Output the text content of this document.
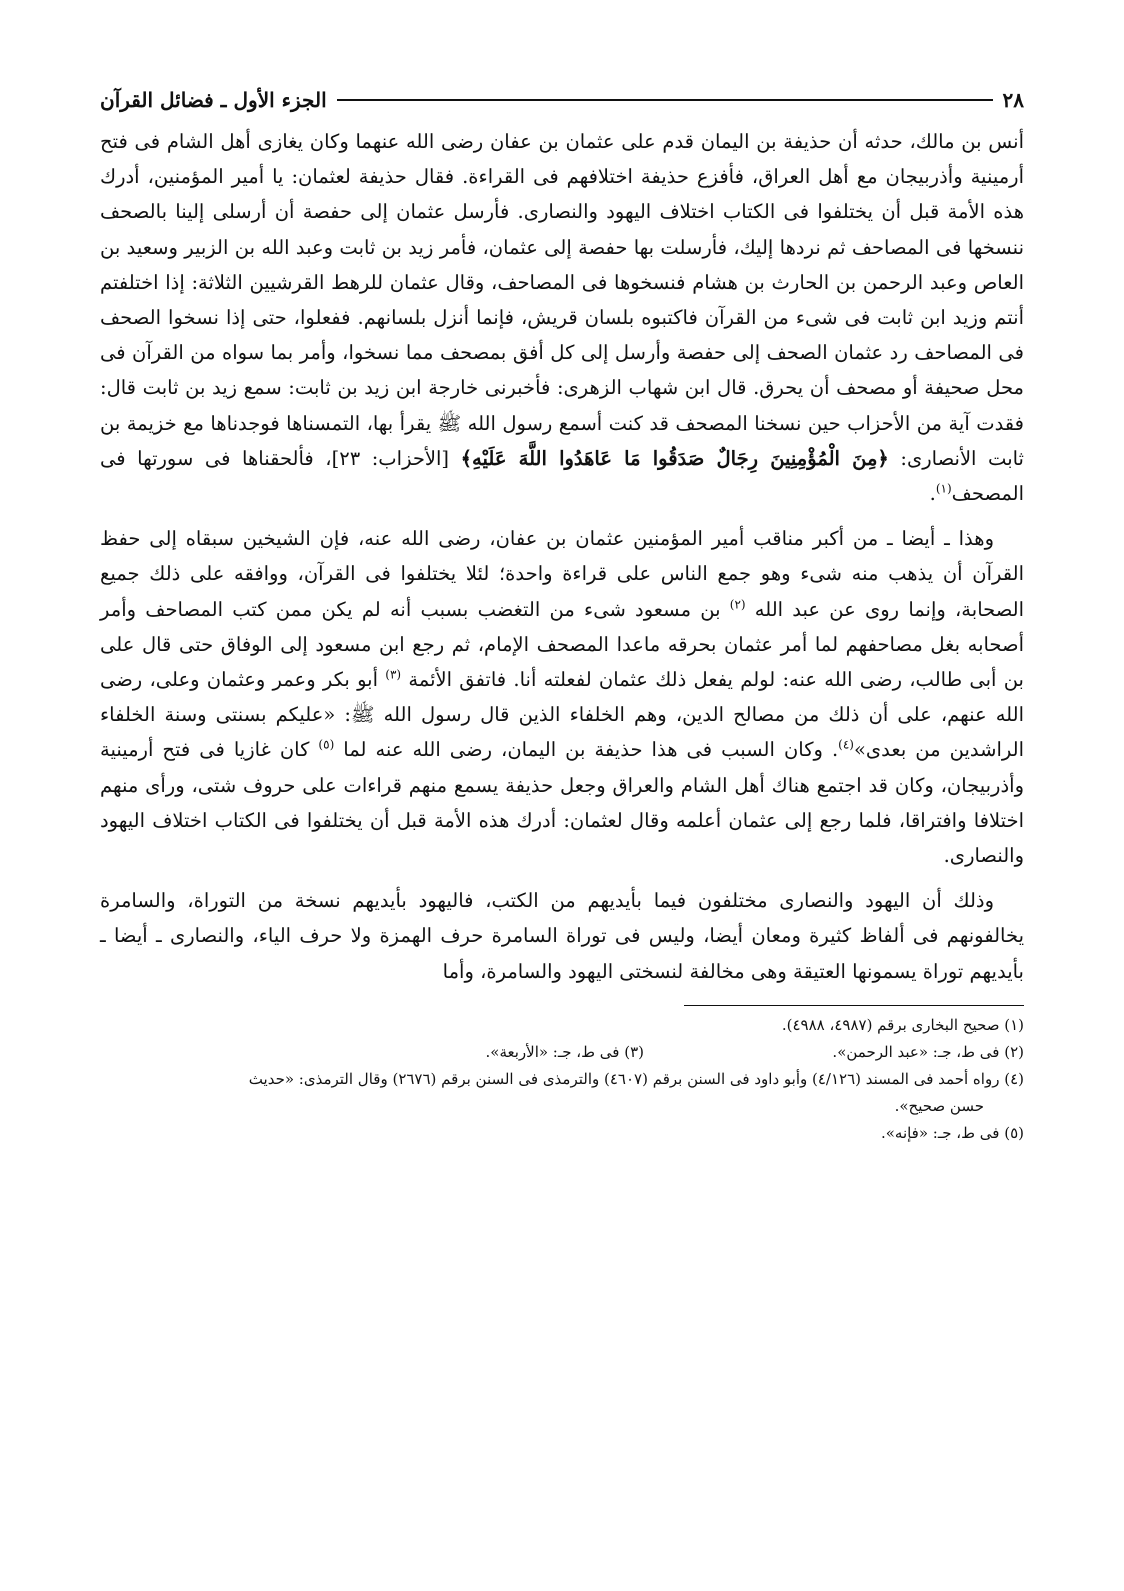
٢٨
الجزء الأول ـ فضائل القرآن

أنس بن مالك، حدثه أن حذيفة بن اليمان قدم على عثمان بن عفان رضى الله عنهما وكان يغازى أهل الشام فى فتح أرمينية وأذربيجان مع أهل العراق، فأفزع حذيفة اختلافهم فى القراءة. فقال حذيفة لعثمان: يا أمير المؤمنين، أدرك هذه الأمة قبل أن يختلفوا فى الكتاب اختلاف اليهود والنصارى. فأرسل عثمان إلى حفصة أن أرسلى إلينا بالصحف ننسخها فى المصاحف ثم نردها إليك، فأرسلت بها حفصة إلى عثمان، فأمر زيد بن ثابت وعبد الله بن الزبير وسعيد بن العاص وعبد الرحمن بن الحارث بن هشام فنسخوها فى المصاحف، وقال عثمان للرهط القرشيين الثلاثة: إذا اختلفتم أنتم وزيد ابن ثابت فى شىء من القرآن فاكتبوه بلسان قريش، فإنما أنزل بلسانهم. ففعلوا، حتى إذا نسخوا الصحف فى المصاحف رد عثمان الصحف إلى حفصة وأرسل إلى كل أفق بمصحف مما نسخوا، وأمر بما سواه من القرآن فى محل صحيفة أو مصحف أن يحرق. قال ابن شهاب الزهرى: فأخبرنى خارجة ابن زيد بن ثابت: سمع زيد بن ثابت قال: فقدت آية من الأحزاب حين نسخنا المصحف قد كنت أسمع رسول الله ﷺ يقرأ بها، التمسناها فوجدناها مع خزيمة بن ثابت الأنصارى: ﴿مِنَ الْمُؤْمِنِينَ رِجَالٌ صَدَقُوا مَا عَاهَدُوا اللَّهَ عَلَيْهِ﴾ [الأحزاب: ٢٣]، فألحقناها فى سورتها فى المصحف$^{(١)}$.

وهذا ـ أيضا ـ من أكبر مناقب أمير المؤمنين عثمان بن عفان، رضى الله عنه، فإن الشيخين سبقاه إلى حفظ القرآن أن يذهب منه شىء وهو جمع الناس على قراءة واحدة؛ لئلا يختلفوا فى القرآن، ووافقه على ذلك جميع الصحابة، وإنما روى عن عبد الله $^{(٢)}$ بن مسعود شىء من التغضب بسبب أنه لم يكن ممن كتب المصاحف وأمر أصحابه بغل مصاحفهم لما أمر عثمان بحرقه ماعدا المصحف الإمام، ثم رجع ابن مسعود إلى الوفاق حتى قال على بن أبى طالب، رضى الله عنه: لولم يفعل ذلك عثمان لفعلته أنا. فاتفق الأئمة $^{(٣)}$ أبو بكر وعمر وعثمان وعلى، رضى الله عنهم، على أن ذلك من مصالح الدين، وهم الخلفاء الذين قال رسول الله ﷺ: «عليكم بسنتى وسنة الخلفاء الراشدين من بعدى»$^{(٤)}$. وكان السبب فى هذا حذيفة بن اليمان، رضى الله عنه لما $^{(٥)}$ كان غازيا فى فتح أرمينية وأذربيجان، وكان قد اجتمع هناك أهل الشام والعراق وجعل حذيفة يسمع منهم قراءات على حروف شتى، ورأى منهم اختلافا وافتراقا، فلما رجع إلى عثمان أعلمه وقال لعثمان: أدرك هذه الأمة قبل أن يختلفوا فى الكتاب اختلاف اليهود والنصارى.

وذلك أن اليهود والنصارى مختلفون فيما بأيديهم من الكتب، فاليهود بأيديهم نسخة من التوراة، والسامرة يخالفونهم فى ألفاظ كثيرة ومعان أيضا، وليس فى توراة السامرة حرف الهمزة ولا حرف الياء، والنصارى ـ أيضا ـ بأيديهم توراة يسمونها العتيقة وهى مخالفة لنسختى اليهود والسامرة، وأما

(١) صحيح البخارى برقم (٤٩٨٧، ٤٩٨٨).
(٢) فى ط، جـ: «عبد الرحمن».
(٣) فى ط، جـ: «الأربعة».
(٤) رواه أحمد فى المسند (٤/١٢٦) وأبو داود فى السنن برقم (٤٦٠٧) والترمذى فى السنن برقم (٢٦٧٦) وقال الترمذى: «حديث
حسن صحيح».
(٥) فى ط، جـ: «فإنه».
